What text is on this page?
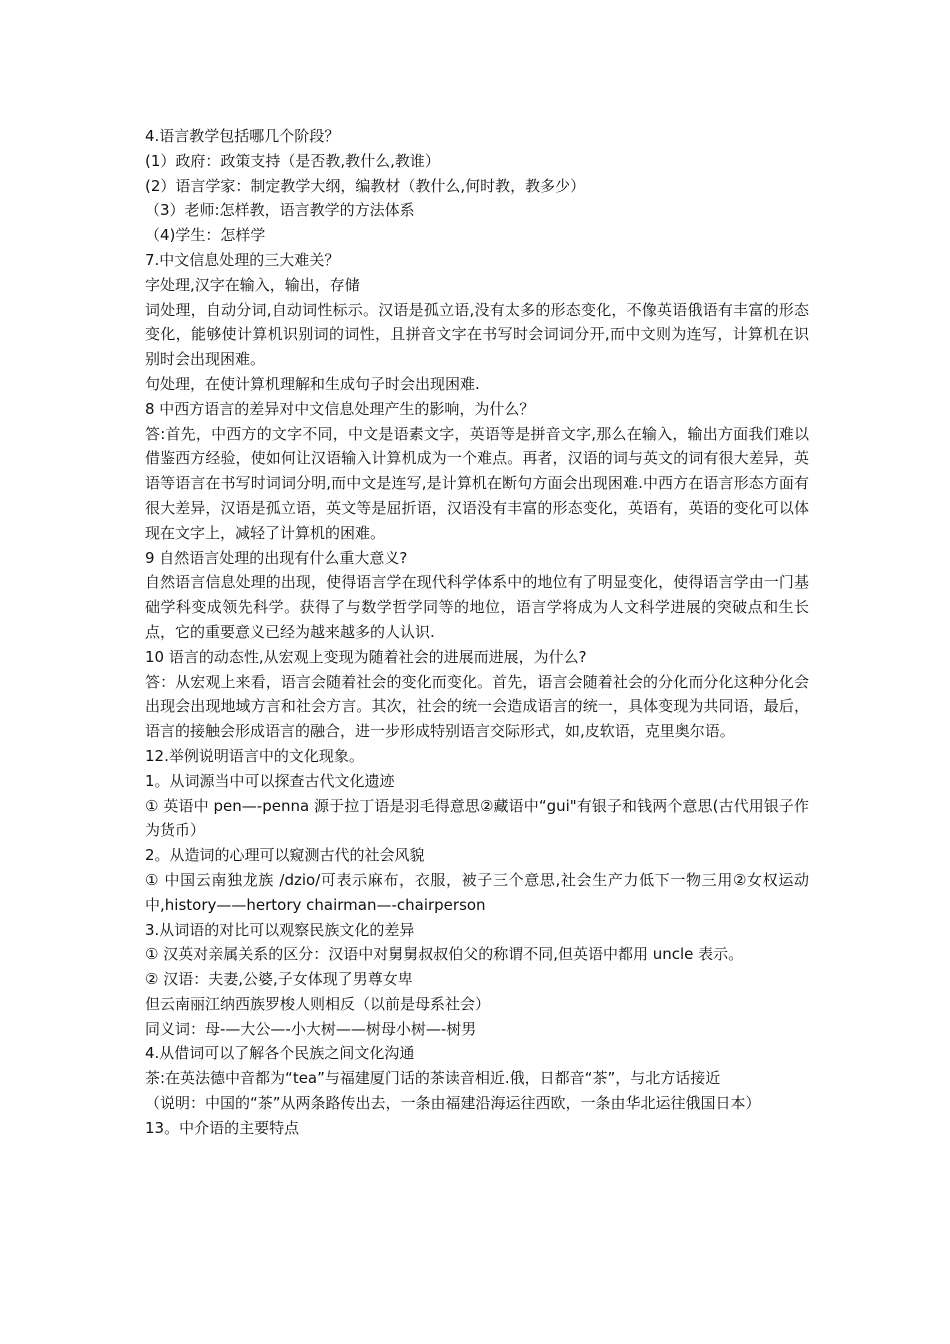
4.语言教学包括哪几个阶段？

(1）政府：政策支持（是否教,教什么,教谁）

(2）语言学家：制定教学大纲，编教材（教什么,何时教，教多少）

（3）老师:怎样教，语言教学的方法体系

（4)学生：怎样学

7.中文信息处理的三大难关？

字处理,汉字在输入，输出，存储

词处理，自动分词,自动词性标示。汉语是孤立语,没有太多的形态变化，不像英语俄语有丰富的形态变化，能够使计算机识别词的词性，且拼音文字在书写时会词词分开,而中文则为连写，计算机在识别时会出现困难。

句处理，在使计算机理解和生成句子时会出现困难.

8 中西方语言的差异对中文信息处理产生的影响，为什么？

答:首先，中西方的文字不同，中文是语素文字，英语等是拼音文字,那么在输入，输出方面我们难以借鉴西方经验，使如何让汉语输入计算机成为一个难点。再者，汉语的词与英文的词有很大差异，英语等语言在书写时词词分明,而中文是连写,是计算机在断句方面会出现困难.中西方在语言形态方面有很大差异，汉语是孤立语，英文等是屈折语，汉语没有丰富的形态变化，英语有，英语的变化可以体现在文字上，减轻了计算机的困难。

9 自然语言处理的出现有什么重大意义?

自然语言信息处理的出现，使得语言学在现代科学体系中的地位有了明显变化，使得语言学由一门基础学科变成领先科学。获得了与数学哲学同等的地位，语言学将成为人文科学进展的突破点和生长点，它的重要意义已经为越来越多的人认识.

10 语言的动态性,从宏观上变现为随着社会的进展而进展，为什么?

答：从宏观上来看，语言会随着社会的变化而变化。首先，语言会随着社会的分化而分化这种分化会出现会出现地域方言和社会方言。其次，社会的统一会造成语言的统一，具体变现为共同语，最后，语言的接触会形成语言的融合，进一步形成特别语言交际形式，如,皮软语，克里奥尔语。

12.举例说明语言中的文化现象。

1。从词源当中可以探查古代文化遗迹

① 英语中 pen—-penna 源于拉丁语是羽毛得意思②藏语中“gui"有银子和钱两个意思(古代用银子作为货币）

2。从造词的心理可以窥测古代的社会风貌

① 中国云南独龙族 /dzio/可表示麻布，衣服，被子三个意思,社会生产力低下一物三用②女权运动中,history——hertory chairman—-chairperson

3.从词语的对比可以观察民族文化的差异

① 汉英对亲属关系的区分：汉语中对舅舅叔叔伯父的称谓不同,但英语中都用 uncle 表示。

② 汉语：夫妻,公婆,子女体现了男尊女卑

但云南丽江纳西族罗梭人则相反（以前是母系社会）

同义词：母-—大公—-小大树——树母小树—-树男

4.从借词可以了解各个民族之间文化沟通

茶:在英法德中音都为“tea”与福建厦门话的茶读音相近.俄，日都音“茶”，与北方话接近

（说明：中国的“茶”从两条路传出去，一条由福建沿海运往西欧，一条由华北运往俄国日本）

13。中介语的主要特点
